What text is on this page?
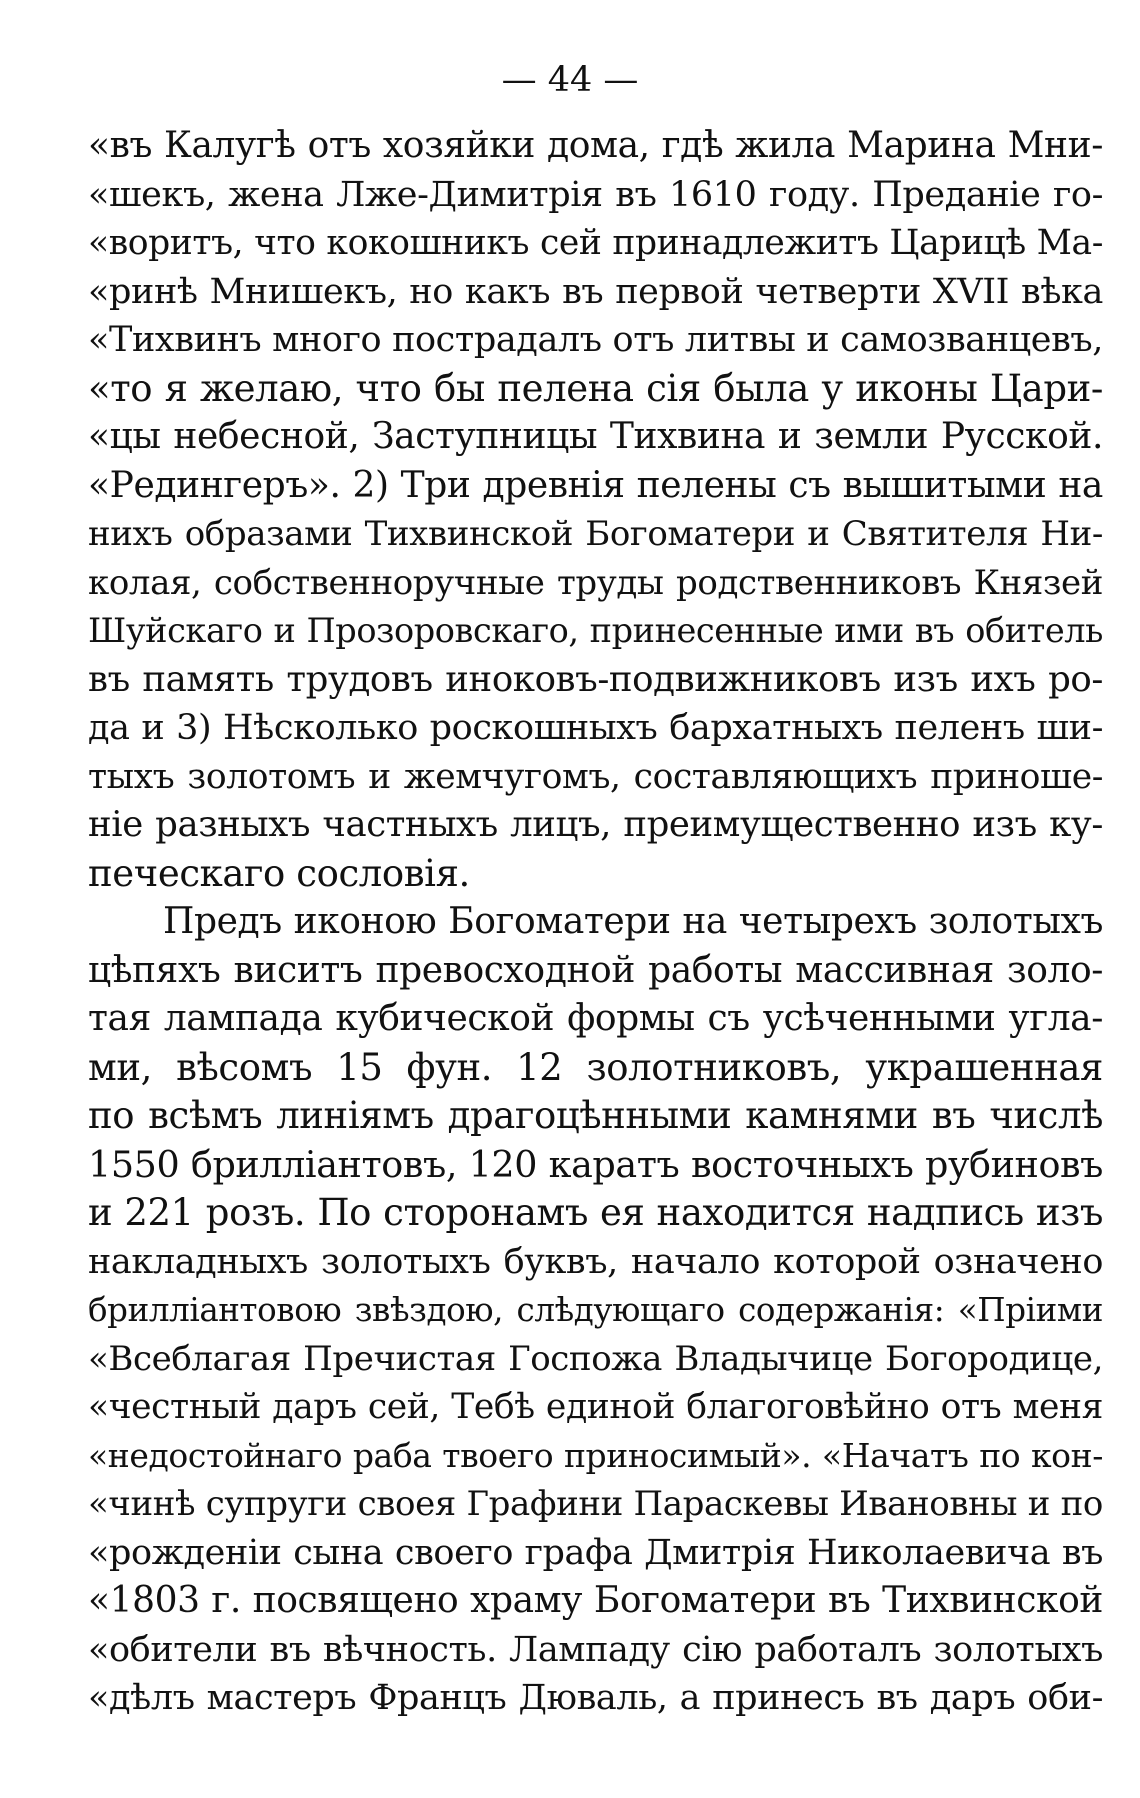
— 44 —
«въ Калугѣ отъ хозяйки дома, гдѣ жила Марина Мни-
«шекъ, жена Лже-Димитрія въ 1610 году. Преданіе го-
«воритъ, что кокошникъ сей принадлежитъ Царицѣ Ма-
«ринѣ Мнишекъ, но какъ въ первой четверти XVII вѣка
«Тихвинъ много пострадалъ отъ литвы и самозванцевъ,
«то я желаю, что бы пелена сія была у иконы Цари-
«цы небесной, Заступницы Тихвина и земли Русской.
«Редингеръ». 2) Три древнія пелены съ вышитыми на
нихъ образами Тихвинской Богоматери и Святителя Ни-
колая, собственноручные труды родственниковъ Князей
Шуйскаго и Прозоровскаго, принесенные ими въ обитель
въ память трудовъ иноковъ-подвижниковъ изъ ихъ ро-
да и 3) Нѣсколько роскошныхъ бархатныхъ пеленъ ши-
тыхъ золотомъ и жемчугомъ, составляющихъ приноше-
ніе разныхъ частныхъ лицъ, преимущественно изъ ку-
печескаго сословія.
Предъ иконою Богоматери на четырехъ золотыхъ
цѣпяхъ виситъ превосходной работы массивная золо-
тая лампада кубической формы съ усѣченными угла-
ми, вѣсомъ 15 фун. 12 золотниковъ, украшенная
по всѣмъ линіямъ драгоцѣнными камнями въ числѣ
1550 брилліантовъ, 120 каратъ восточныхъ рубиновъ
и 221 розъ. По сторонамъ ея находится надпись изъ
накладныхъ золотыхъ буквъ, начало которой означено
брилліантовою звѣздою, слѣдующаго содержанія: «Пріими
«Всеблагая Пречистая Госпожа Владычице Богородице,
«честный даръ сей, Тебѣ единой благоговѣйно отъ меня
«недостойнаго раба твоего приносимый». «Начатъ по кон-
«чинѣ супруги своея Графини Параскевы Ивановны и по
«рожденіи сына своего графа Дмитрія Николаевича въ
«1803 г. посвящено храму Богоматери въ Тихвинской
«обители въ вѣчность. Лампаду сію работалъ золотыхъ
«дѣлъ мастеръ Францъ Дюваль, а принесъ въ даръ оби-
